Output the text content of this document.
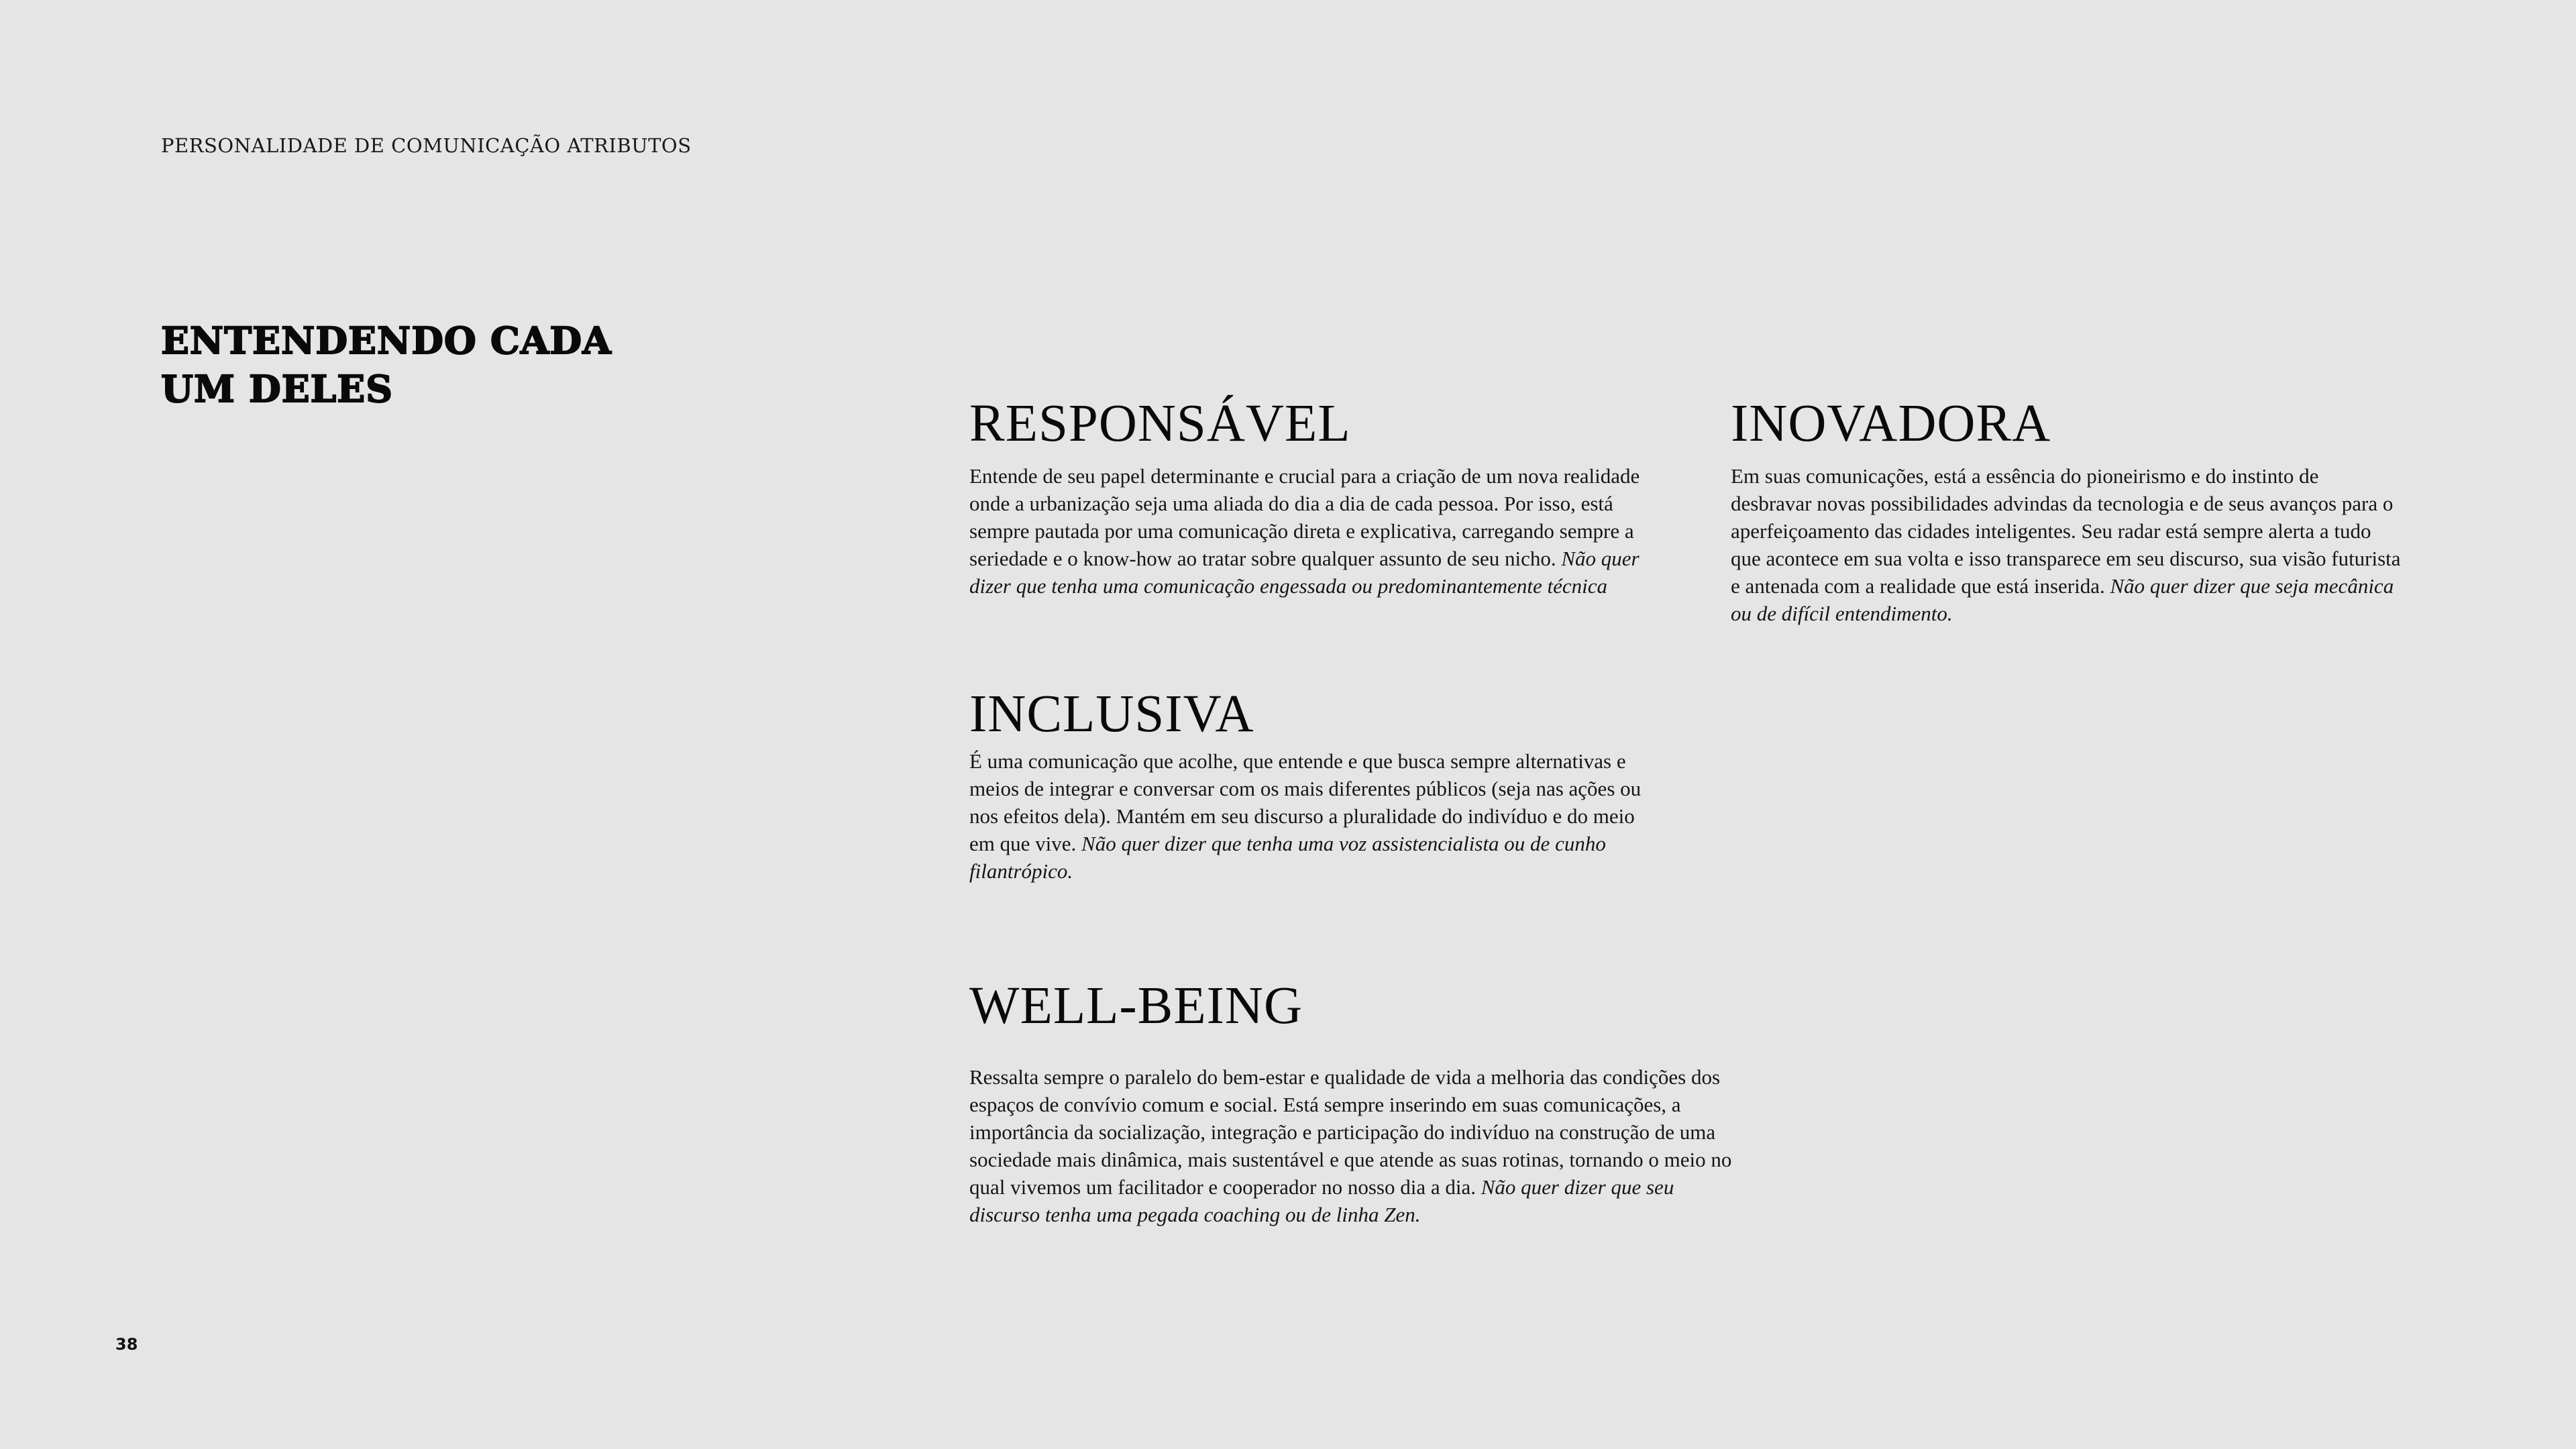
PERSONALIDADE DE COMUNICAÇÃO ATRIBUTOS
ENTENDENDO CADA
UM DELES
RESPONSÁVEL

Entende de seu papel determinante e crucial para a criação de um nova realidade onde a urbanização seja uma aliada do dia a dia de cada pessoa. Por isso, está sempre pautada por uma comunicação direta e explicativa, carregando sempre a seriedade e o know-how ao tratar sobre qualquer assunto de seu nicho. Não quer dizer que tenha uma comunicação engessada ou predominantemente técnica

INOVADORA

Em suas comunicações, está a essência do pioneirismo e do instinto de desbravar novas possibilidades advindas da tecnologia e de seus avanços para o aperfeiçoamento das cidades inteligentes. Seu radar está sempre alerta a tudo que acontece em sua volta e isso transparece em seu discurso, sua visão futurista e antenada com a realidade que está inserida. Não quer dizer que seja mecânica ou de difícil entendimento.

INCLUSIVA

É uma comunicação que acolhe, que entende e que busca sempre alternativas e meios de integrar e conversar com os mais diferentes públicos (seja nas ações ou nos efeitos dela). Mantém em seu discurso a pluralidade do indivíduo e do meio em que vive. Não quer dizer que tenha uma voz assistencialista ou de cunho filantrópico.

WELL-BEING

Ressalta sempre o paralelo do bem-estar e qualidade de vida a melhoria das condições dos espaços de convívio comum e social. Está sempre inserindo em suas comunicações, a importância da socialização, integração e participação do indivíduo na construção de uma sociedade mais dinâmica, mais sustentável e que atende as suas rotinas, tornando o meio no qual vivemos um facilitador e cooperador no nosso dia a dia. Não quer dizer que seu discurso tenha uma pegada coaching ou de linha Zen.

38
